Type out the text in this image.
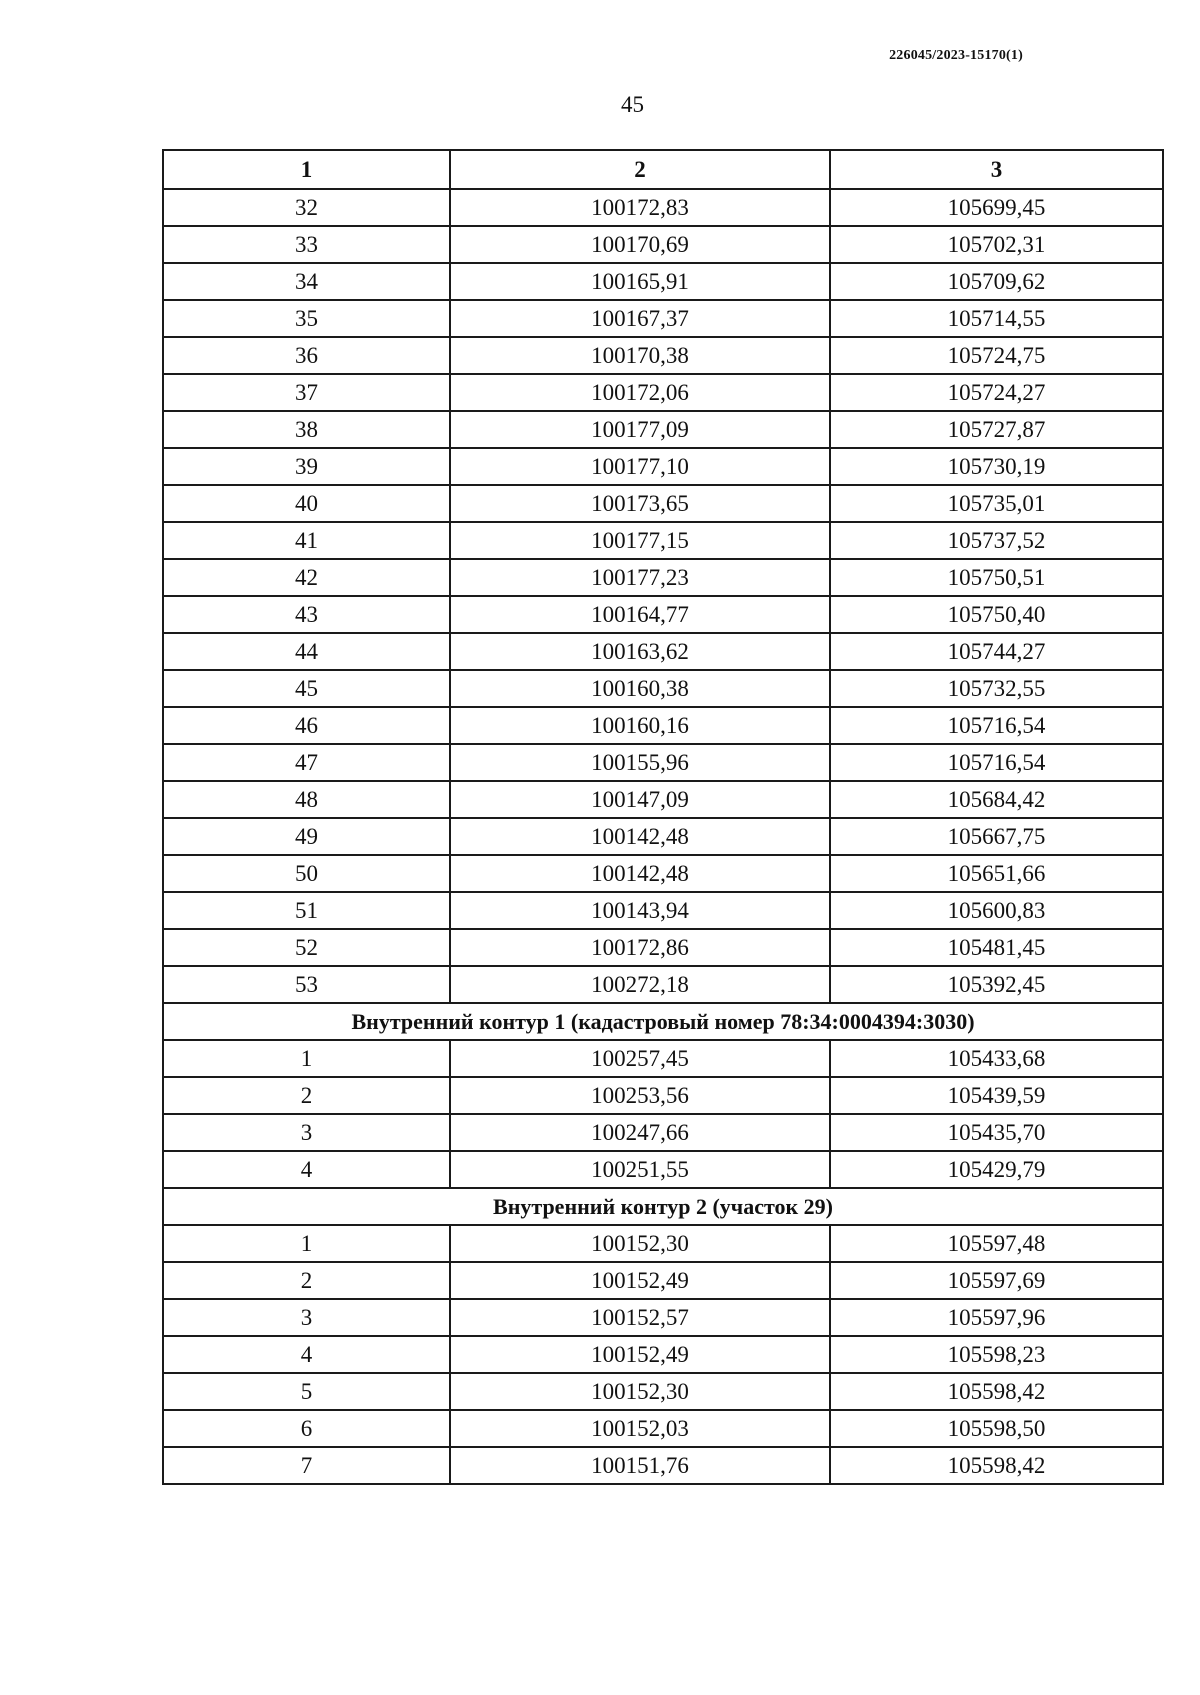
226045/2023-15170(1)
45
1	2	3
32	100172,83	105699,45
33	100170,69	105702,31
34	100165,91	105709,62
35	100167,37	105714,55
36	100170,38	105724,75
37	100172,06	105724,27
38	100177,09	105727,87
39	100177,10	105730,19
40	100173,65	105735,01
41	100177,15	105737,52
42	100177,23	105750,51
43	100164,77	105750,40
44	100163,62	105744,27
45	100160,38	105732,55
46	100160,16	105716,54
47	100155,96	105716,54
48	100147,09	105684,42
49	100142,48	105667,75
50	100142,48	105651,66
51	100143,94	105600,83
52	100172,86	105481,45
53	100272,18	105392,45
Внутренний контур 1 (кадастровый номер 78:34:0004394:3030)		
1	100257,45	105433,68
2	100253,56	105439,59
3	100247,66	105435,70
4	100251,55	105429,79
Внутренний контур 2 (участок 29)		
1	100152,30	105597,48
2	100152,49	105597,69
3	100152,57	105597,96
4	100152,49	105598,23
5	100152,30	105598,42
6	100152,03	105598,50
7	100151,76	105598,42
